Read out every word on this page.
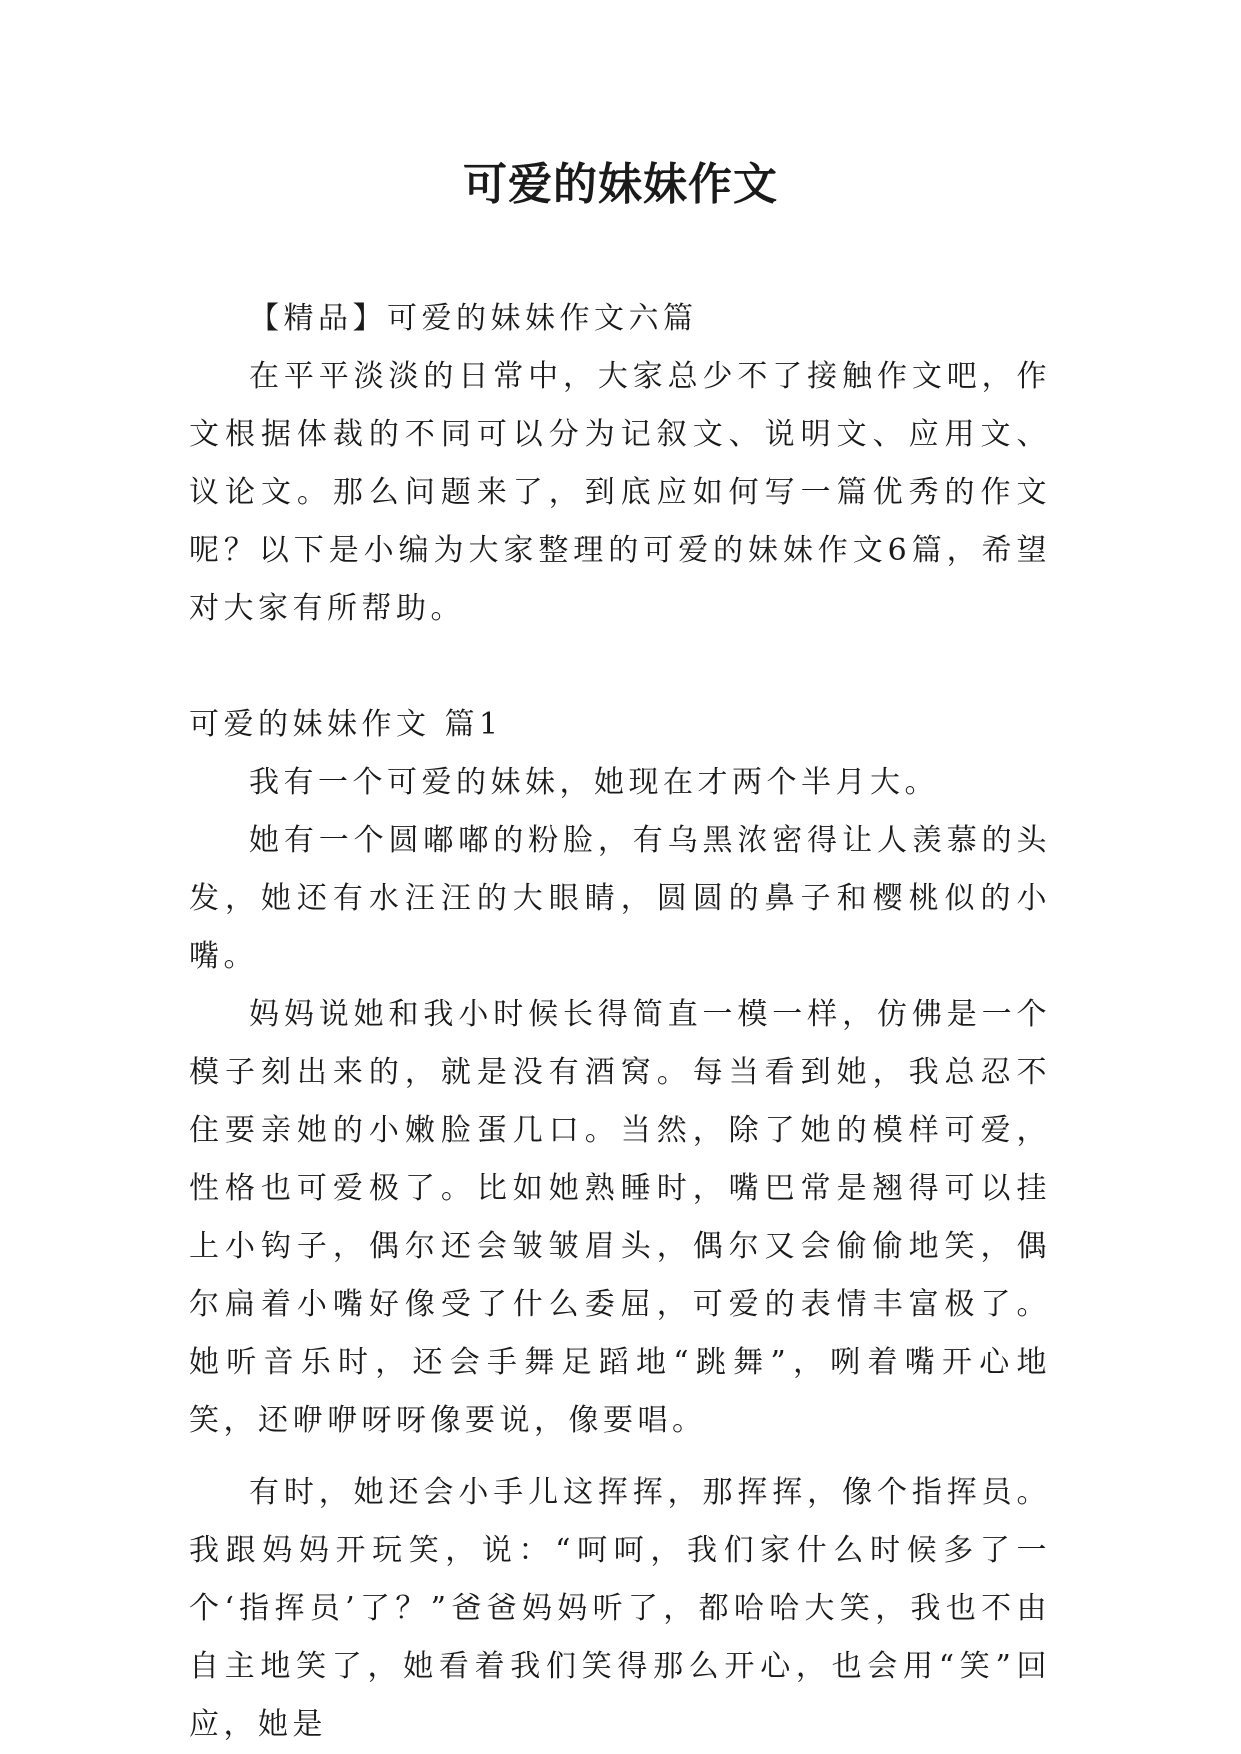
可爱的妹妹作文

【精品】可爱的妹妹作文六篇

在平平淡淡的日常中，大家总少不了接触作文吧，作文根据体裁的不同可以分为记叙文、说明文、应用文、议论文。那么问题来了，到底应如何写一篇优秀的作文呢？以下是小编为大家整理的可爱的妹妹作文6篇，希望对大家有所帮助。

可爱的妹妹作文 篇1

我有一个可爱的妹妹，她现在才两个半月大。

她有一个圆嘟嘟的粉脸，有乌黑浓密得让人羡慕的头发，她还有水汪汪的大眼睛，圆圆的鼻子和樱桃似的小嘴。

妈妈说她和我小时候长得简直一模一样，仿佛是一个模子刻出来的，就是没有酒窝。每当看到她，我总忍不住要亲她的小嫩脸蛋几口。当然，除了她的模样可爱，性格也可爱极了。比如她熟睡时，嘴巴常是翘得可以挂上小钩子，偶尔还会皱皱眉头，偶尔又会偷偷地笑，偶尔扁着小嘴好像受了什么委屈，可爱的表情丰富极了。她听音乐时，还会手舞足蹈地“跳舞”，咧着嘴开心地笑，还咿咿呀呀像要说，像要唱。

有时，她还会小手儿这挥挥，那挥挥，像个指挥员。我跟妈妈开玩笑，说：“呵呵，我们家什么时候多了一个‘指挥员’了？”爸爸妈妈听了，都哈哈大笑，我也不由自主地笑了，她看着我们笑得那么开心，也会用“笑”回应，她是
